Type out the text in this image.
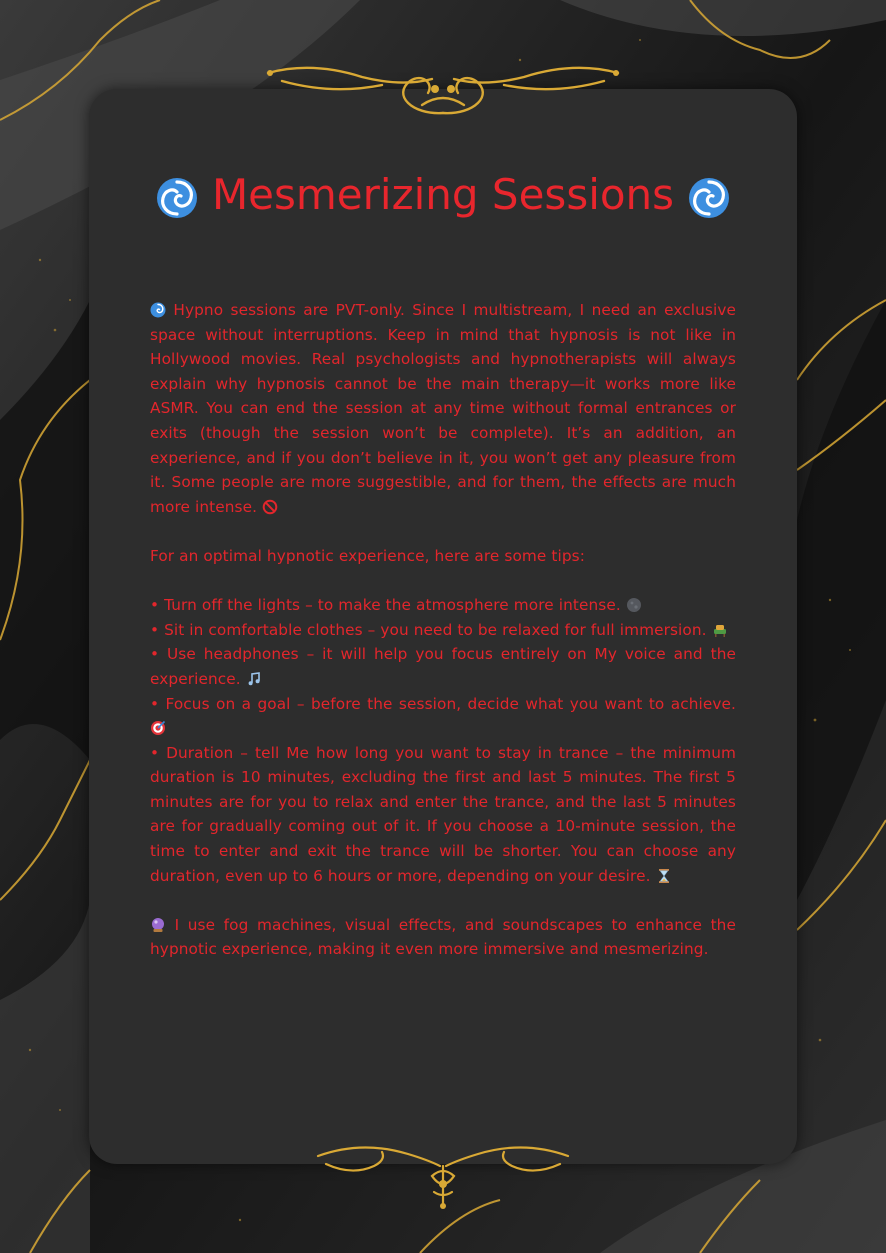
Mesmerizing Sessions

Hypno sessions are PVT-only. Since I multistream, I need an exclusive space without interruptions. Keep in mind that hypnosis is not like in Hollywood movies. Real psychologists and hypnotherapists will always explain why hypnosis cannot be the main therapy—it works more like ASMR. You can end the session at any time without formal entrances or exits (though the session won’t be complete). It’s an addition, an experience, and if you don’t believe in it, you won’t get any pleasure from it. Some people are more suggestible, and for them, the effects are much more intense.

For an optimal hypnotic experience, here are some tips:

• Turn off the lights – to make the atmosphere more intense.

• Sit in comfortable clothes – you need to be relaxed for full immersion.

• Use headphones – it will help you focus entirely on My voice and the experience.

• Focus on a goal – before the session, decide what you want to achieve.

• Duration – tell Me how long you want to stay in trance – the minimum duration is 10 minutes, excluding the first and last 5 minutes. The first 5 minutes are for you to relax and enter the trance, and the last 5 minutes are for gradually coming out of it. If you choose a 10-minute session, the time to enter and exit the trance will be shorter. You can choose any duration, even up to 6 hours or more, depending on your desire.

I use fog machines, visual effects, and soundscapes to enhance the hypnotic experience, making it even more immersive and mesmerizing.
